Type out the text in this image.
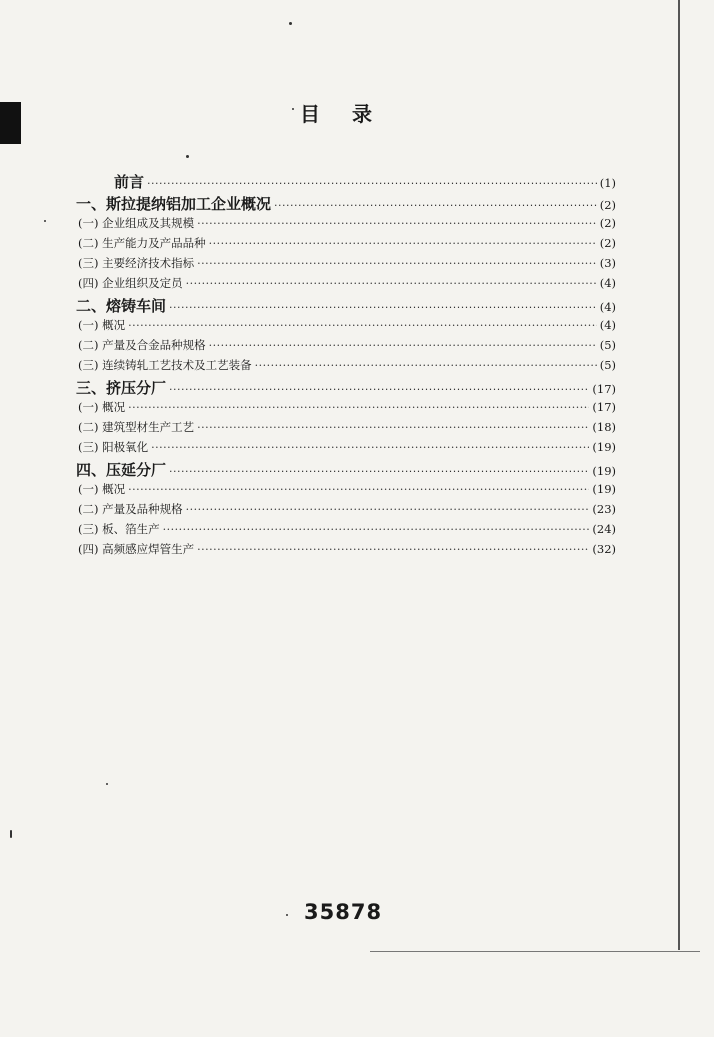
目录
前言 ·····	(1)
一、斯拉提纳铝加工企业概况 ·····	(2)
(一) 企业组成及其规模 ·····	(2)
(二) 生产能力及产品品种 ·····	(2)
(三) 主要经济技术指标 ·····	(3)
(四) 企业组织及定员 ·····	(4)
二、熔铸车间 ·····	(4)
(一) 概况 ·····	(4)
(二) 产量及合金品种规格 ·····	(5)
(三) 连续铸轧工艺技术及工艺装备 ·····	(5)
三、挤压分厂 ·····	(17)
(一) 概况 ·····	(17)
(二) 建筑型材生产工艺 ·····	(18)
(三) 阳极氧化 ·····	(19)
四、压延分厂 ·····	(19)
(一) 概况 ·····	(19)
(二) 产量及品种规格 ·····	(23)
(三) 板、箔生产 ·····	(24)
(四) 高频感应焊管生产 ·····	(32)
35878
